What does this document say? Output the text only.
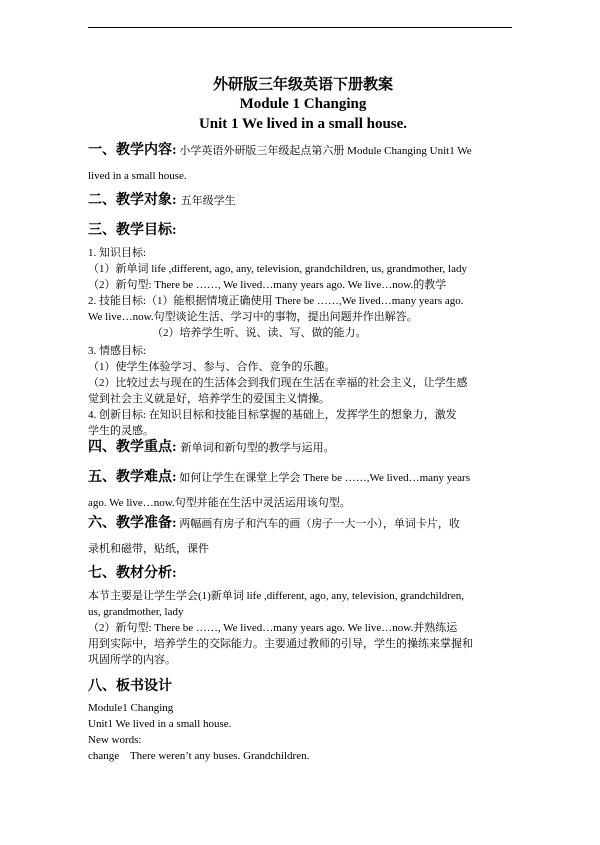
外研版三年级英语下册教案
Module 1 Changing
Unit 1 We lived in a small house.
一、教学内容: 小学英语外研版三年级起点第六册 Module Changing Unit1 We
lived in a small house.
二、教学对象: 五年级学生
三、教学目标:
1. 知识目标:
（1）新单词 life ,different, ago, any, television, grandchildren, us, grandmother, lady
（2）新句型: There be ……, We lived…many years ago. We live…now.的教学
2. 技能目标:（1）能根据情境正确使用 There be ……,We lived…many years ago.
We live…now.句型谈论生活、学习中的事物，提出问题并作出解答。
（2）培养学生听、说、读、写、做的能力。
3. 情感目标:
（1）使学生体验学习、参与、合作、竞争的乐趣。
（2）比较过去与现在的生活体会到我们现在生活在幸福的社会主义，让学生感
觉到社会主义就是好，培养学生的爱国主义情操。
4. 创新目标: 在知识目标和技能目标掌握的基础上，发挥学生的想象力，激发
学生的灵感。
四、教学重点: 新单词和新句型的教学与运用。
五、教学难点: 如何让学生在课堂上学会 There be ……,We lived…many years
ago. We live…now.句型并能在生活中灵活运用该句型。
六、教学准备: 两幅画有房子和汽车的画（房子一大一小），单词卡片，收
录机和磁带，贴纸，课件
七、教材分析:
本节主要是让学生学会(1)新单词 life ,different, ago, any, television, grandchildren,
us, grandmother, lady
（2）新句型: There be ……, We lived…many years ago. We live…now.并熟练运
用到实际中，培养学生的交际能力。主要通过教师的引导，学生的操练来掌握和
巩固所学的内容。
八、板书设计
Module1 Changing
Unit1 We lived in a small house.
New words:
change    There weren’t any buses. Grandchildren.
